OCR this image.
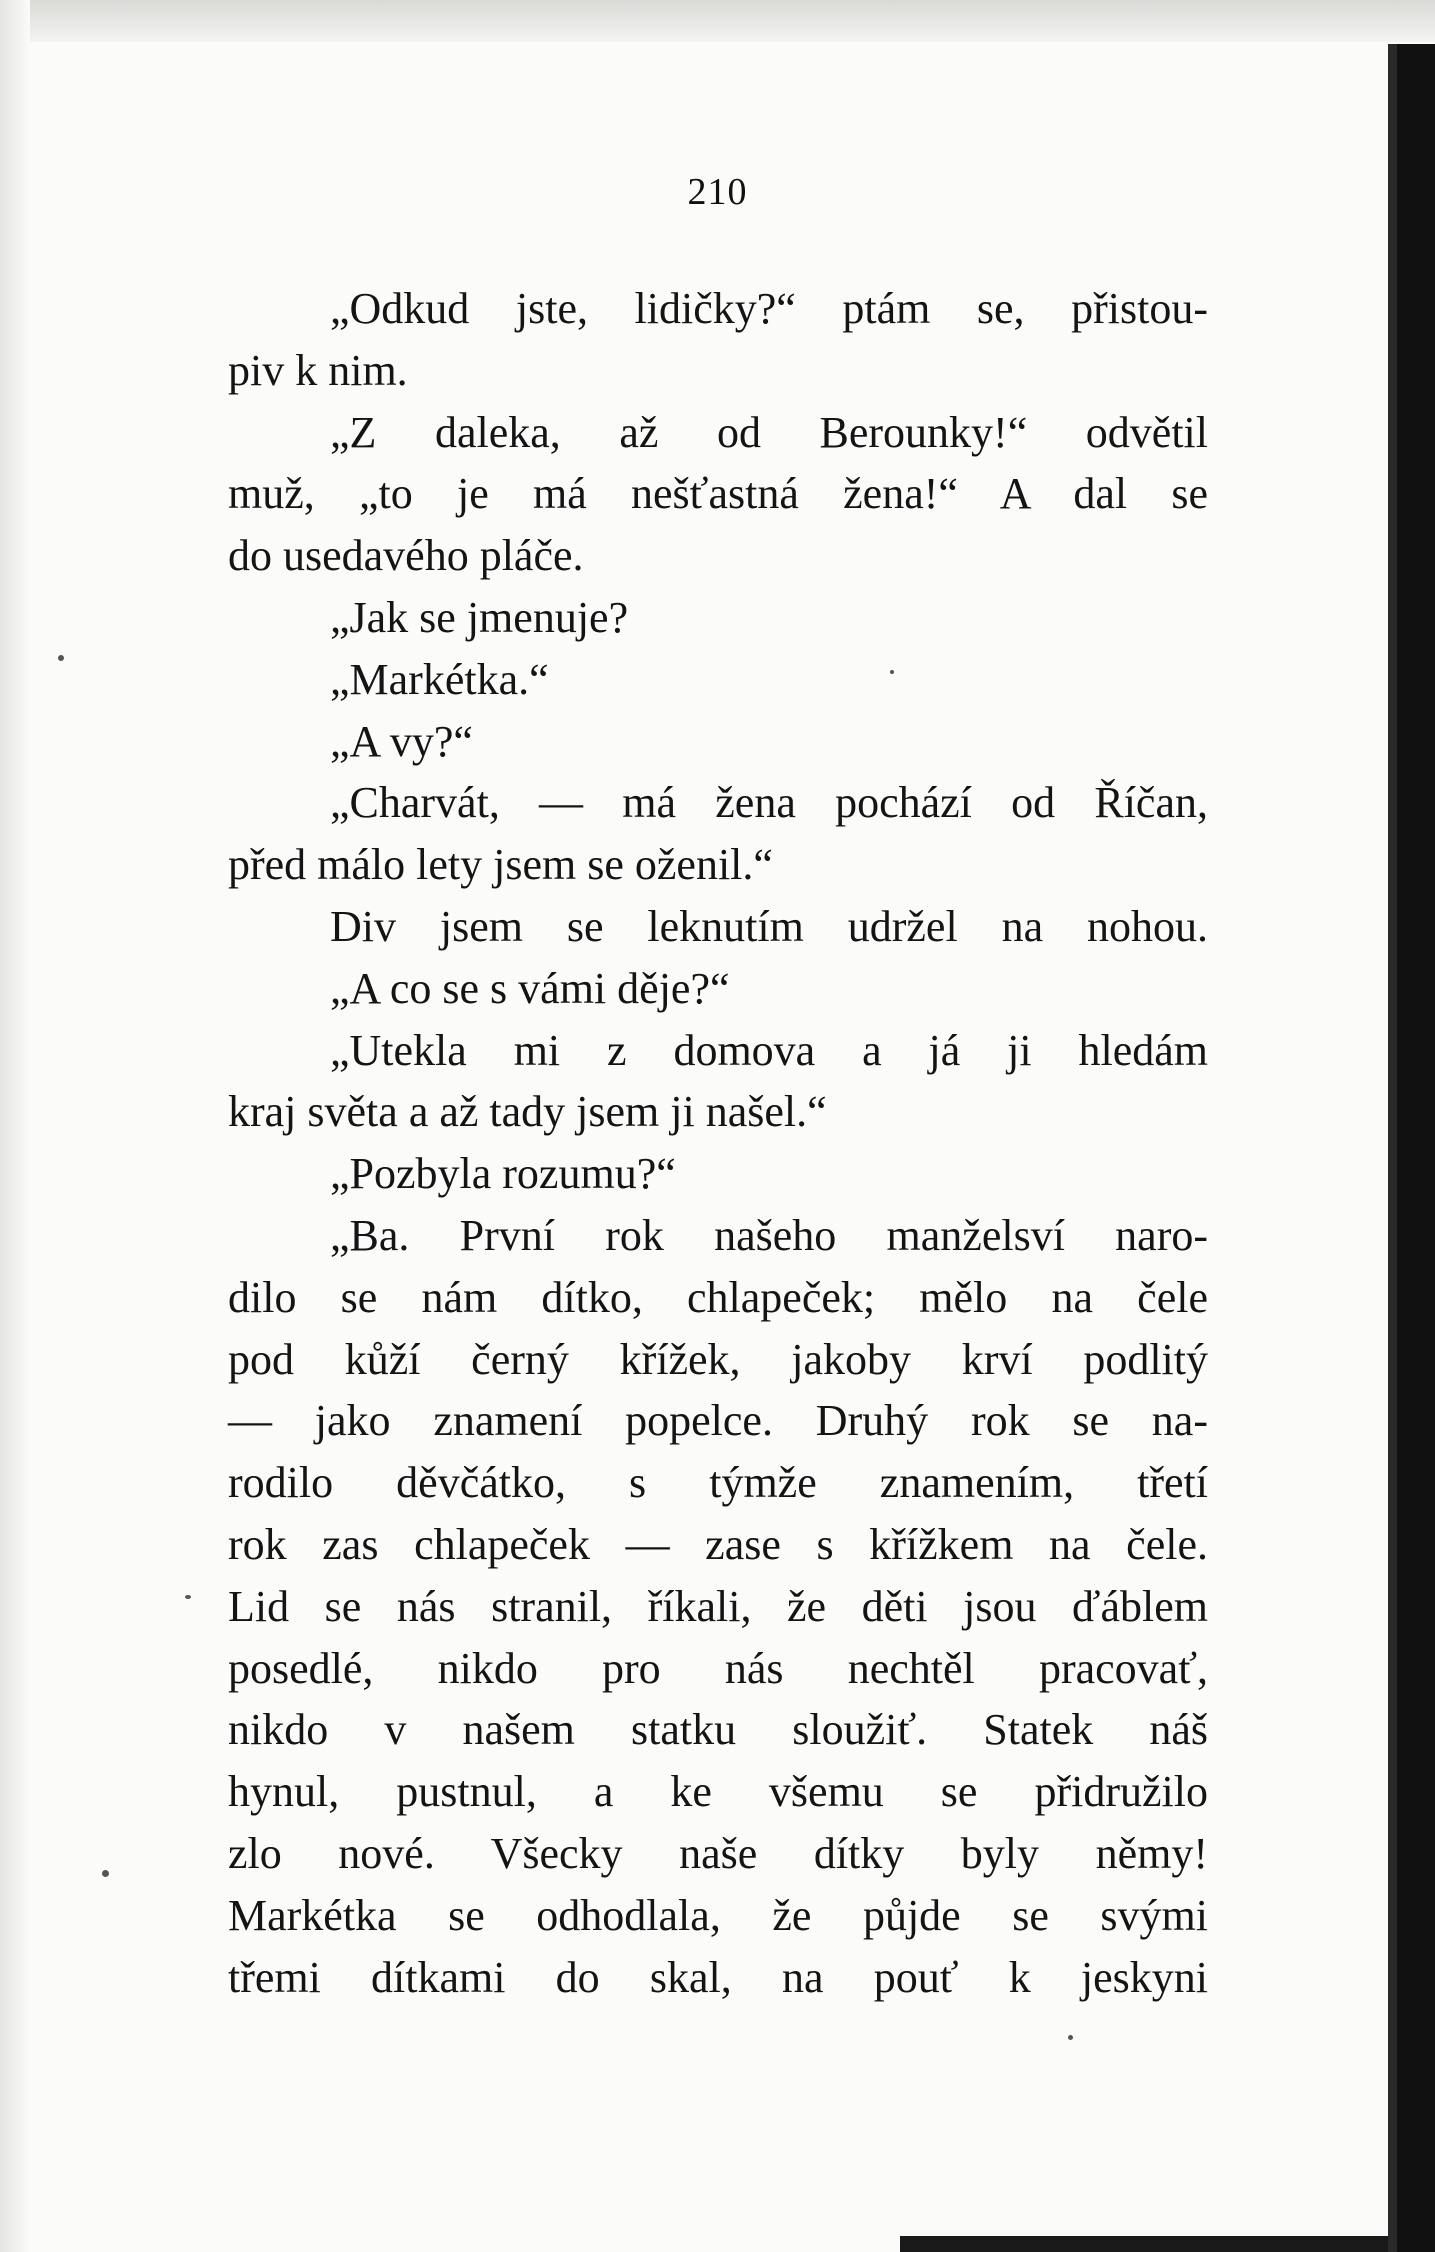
210
„Odkud jste, lidičky?“ ptám se, přistou-
piv k nim.
„Z daleka, až od Berounky!“ odvětil
muž, „to je má nešťastná žena!“ A dal se
do usedavého pláče.
„Jak se jmenuje?
„Markétka.“
„A vy?“
„Charvát, — má žena pochází od Říčan,
před málo lety jsem se oženil.“
Div jsem se leknutím udržel na nohou.
„A co se s vámi děje?“
„Utekla mi z domova a já ji hledám
kraj světa a až tady jsem ji našel.“
„Pozbyla rozumu?“
„Ba. První rok našeho manželsví naro-
dilo se nám dítko, chlapeček; mělo na čele
pod kůží černý křížek, jakoby krví podlitý
— jako znamení popelce. Druhý rok se na-
rodilo děvčátko, s týmže znamením, třetí
rok zas chlapeček — zase s křížkem na čele.
Lid se nás stranil, říkali, že děti jsou ďáblem
posedlé, nikdo pro nás nechtěl pracovať,
nikdo v našem statku sloužiť. Statek náš
hynul, pustnul, a ke všemu se přidružilo
zlo nové. Všecky naše dítky byly němy!
Markétka se odhodlala, že půjde se svými
třemi dítkami do skal, na pouť k jeskyni
